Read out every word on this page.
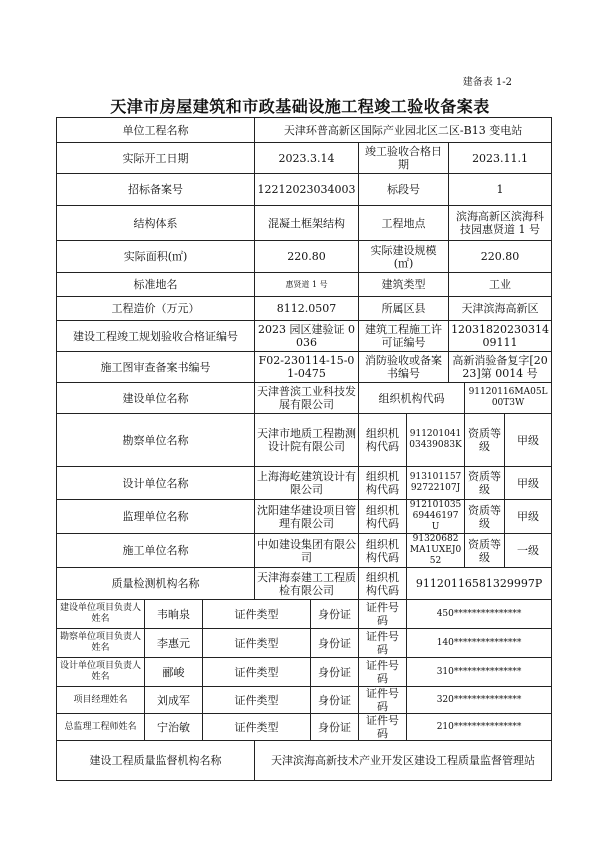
建备表 1-2
天津市房屋建筑和市政基础设施工程竣工验收备案表
单位工程名称			天津环普高新区国际产业园北区二区-B13 变电站						
实际开工日期			2023.3.14		竣工验收合格日期		2023.11.1		
招标备案号			12212023034003		标段号		1		
结构体系			混凝土框架结构		工程地点		滨海高新区滨海科技园惠贤道 1 号		
实际面积(㎡)			220.80		实际建设规模(㎡)		220.80		
标准地名			惠贤道 1 号		建筑类型		工业		
工程造价（万元）			8112.0507		所属区县		天津滨海高新区		
建设工程竣工规划验收合格证编号			2023 园区建验证 0036		建筑工程施工许可证编号		1203182023031409111		
施工图审查备案书编号			F02-230114-15-01-0475		消防验收或备案书编号		高新消验备复字[2023]第 0014 号		
建设单位名称			天津普滨工业科技发展有限公司		组织机构代码			91120116MA05L00T3W	
勘察单位名称			天津市地质工程勘测设计院有限公司		组织机构代码	91120104103439083K		资质等级	甲级
设计单位名称			上海海屹建筑设计有限公司		组织机构代码	91310115792722107J		资质等级	甲级
监理单位名称			沈阳建华建设项目管理有限公司		组织机构代码	91210103569446197U		资质等级	甲级
施工单位名称			中如建设集团有限公司		组织机构代码	91320682MA1UXEJ052		资质等级	一级
质量检测机构名称			天津海泰建工工程质检有限公司		组织机构代码	91120116581329997P			
建设单位项目负责人姓名	韦晌泉	证件类型		身份证	证件号码	450***************			
勘察单位项目负责人姓名	李惠元	证件类型		身份证	证件号码	140***************			
设计单位项目负责人姓名	郦峻	证件类型		身份证	证件号码	310***************			
项目经理姓名	刘成军	证件类型		身份证	证件号码	320***************			
总监理工程师姓名	宁治敏	证件类型		身份证	证件号码	210***************			
建设工程质量监督机构名称			天津滨海高新技术产业开发区建设工程质量监督管理站						
